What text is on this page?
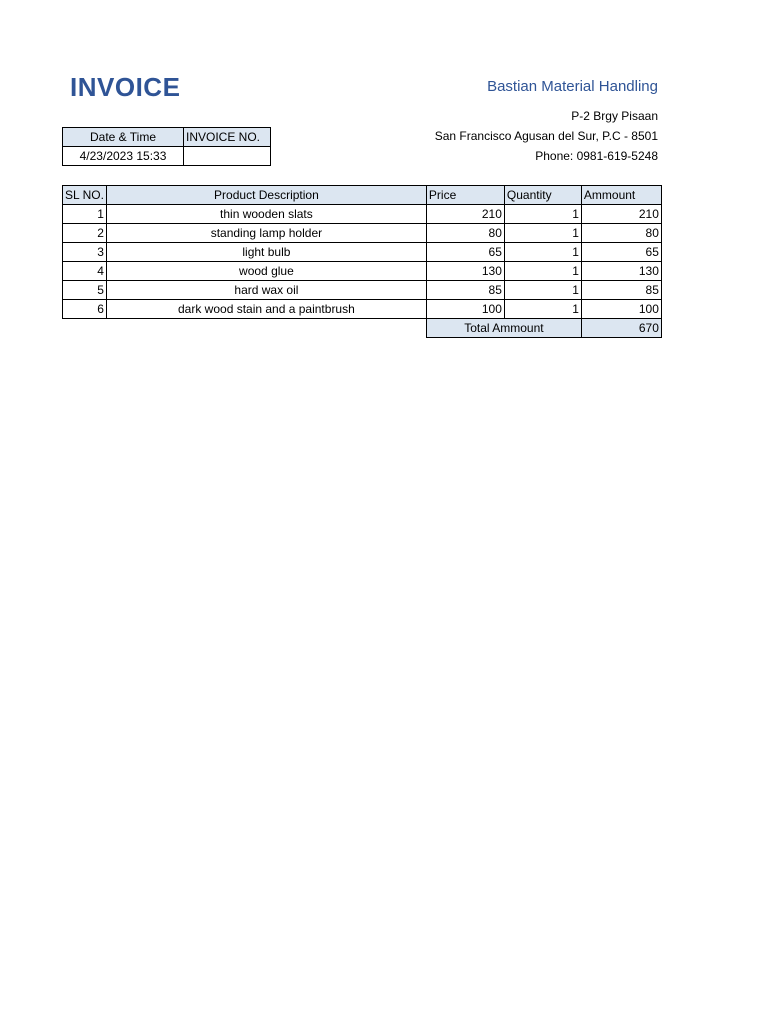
INVOICE	Bastian Material Handling
P-2 Brgy Pisaan
San Francisco Agusan del Sur, P.C - 8501
Phone: 0981-619-5248
Date & Time	INVOICE NO.
4/23/2023 15:33	
SL NO.	Product Description	Price	Quantity	Ammount
1	thin wooden slats	210	1	210
2	standing lamp holder	80	1	80
3	light bulb	65	1	65
4	wood glue	130	1	130
5	hard wax oil	85	1	85
6	dark wood stain and a paintbrush	100	1	100
		Total Ammount		670
